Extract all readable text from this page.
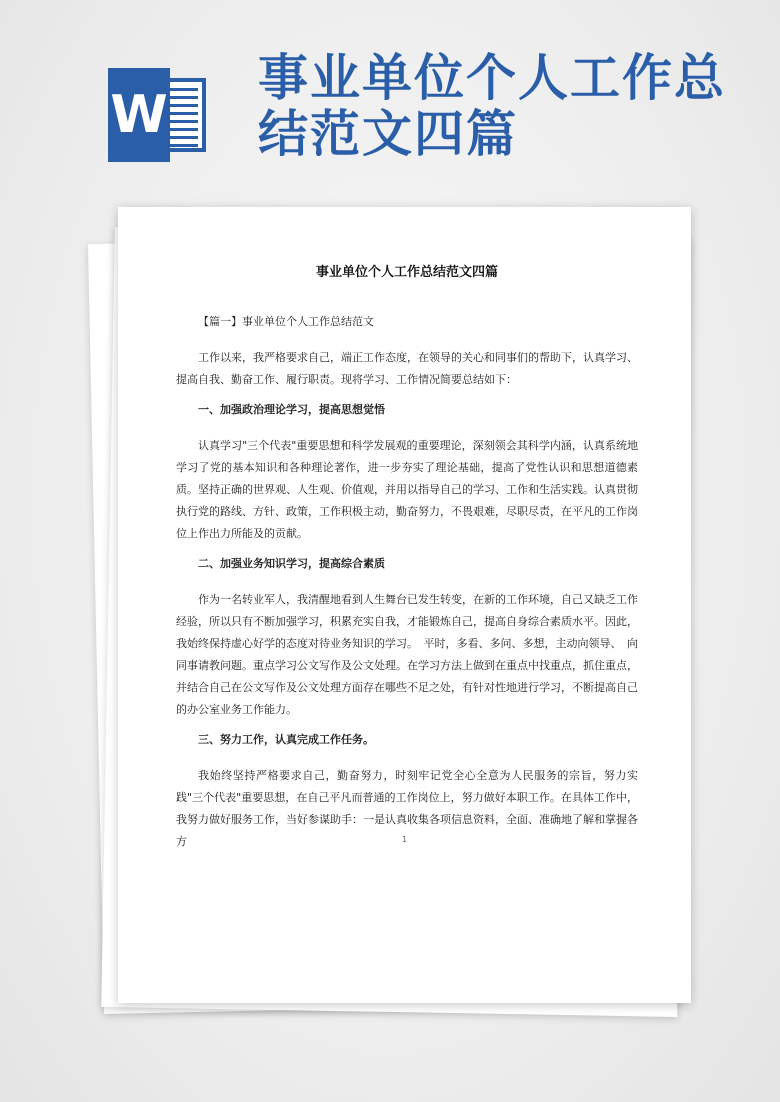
W
事业单位个人工作总结范文四篇
事业单位个人工作总结范文四篇

【篇一】事业单位个人工作总结范文

工作以来，我严格要求自己，端正工作态度，在领导的关心和同事们的帮助下，认真学习、提高自我、勤奋工作、履行职责。现将学习、工作情况简要总结如下：

一、加强政治理论学习，提高思想觉悟

认真学习"三个代表"重要思想和科学发展观的重要理论，深刻领会其科学内涵，认真系统地学习了党的基本知识和各种理论著作，进一步夯实了理论基础，提高了党性认识和思想道德素质。坚持正确的世界观、人生观、价值观，并用以指导自己的学习、工作和生活实践。认真贯彻执行党的路线、方针、政策，工作积极主动，勤奋努力，不畏艰难，尽职尽责，在平凡的工作岗位上作出力所能及的贡献。

二、加强业务知识学习，提高综合素质

作为一名转业军人，我清醒地看到人生舞台已发生转变，在新的工作环境，自己又缺乏工作经验，所以只有不断加强学习，积累充实自我，才能锻炼自己，提高自身综合素质水平。因此，我始终保持虚心好学的态度对待业务知识的学习。　平时，多看、多问、多想，主动向领导、　向同事请教问题。重点学习公文写作及公文处理。在学习方法上做到在重点中找重点，抓住重点，并结合自己在公文写作及公文处理方面存在哪些不足之处，有针对性地进行学习，不断提高自己的办公室业务工作能力。

三、努力工作，认真完成工作任务。

我始终坚持严格要求自己，勤奋努力，时刻牢记党全心全意为人民服务的宗旨，努力实践"三个代表"重要思想，在自己平凡而普通的工作岗位上，努力做好本职工作。在具体工作中，我努力做好服务工作，当好参谋助手：一是认真收集各项信息资料，全面、准确地了解和掌握各方	1
